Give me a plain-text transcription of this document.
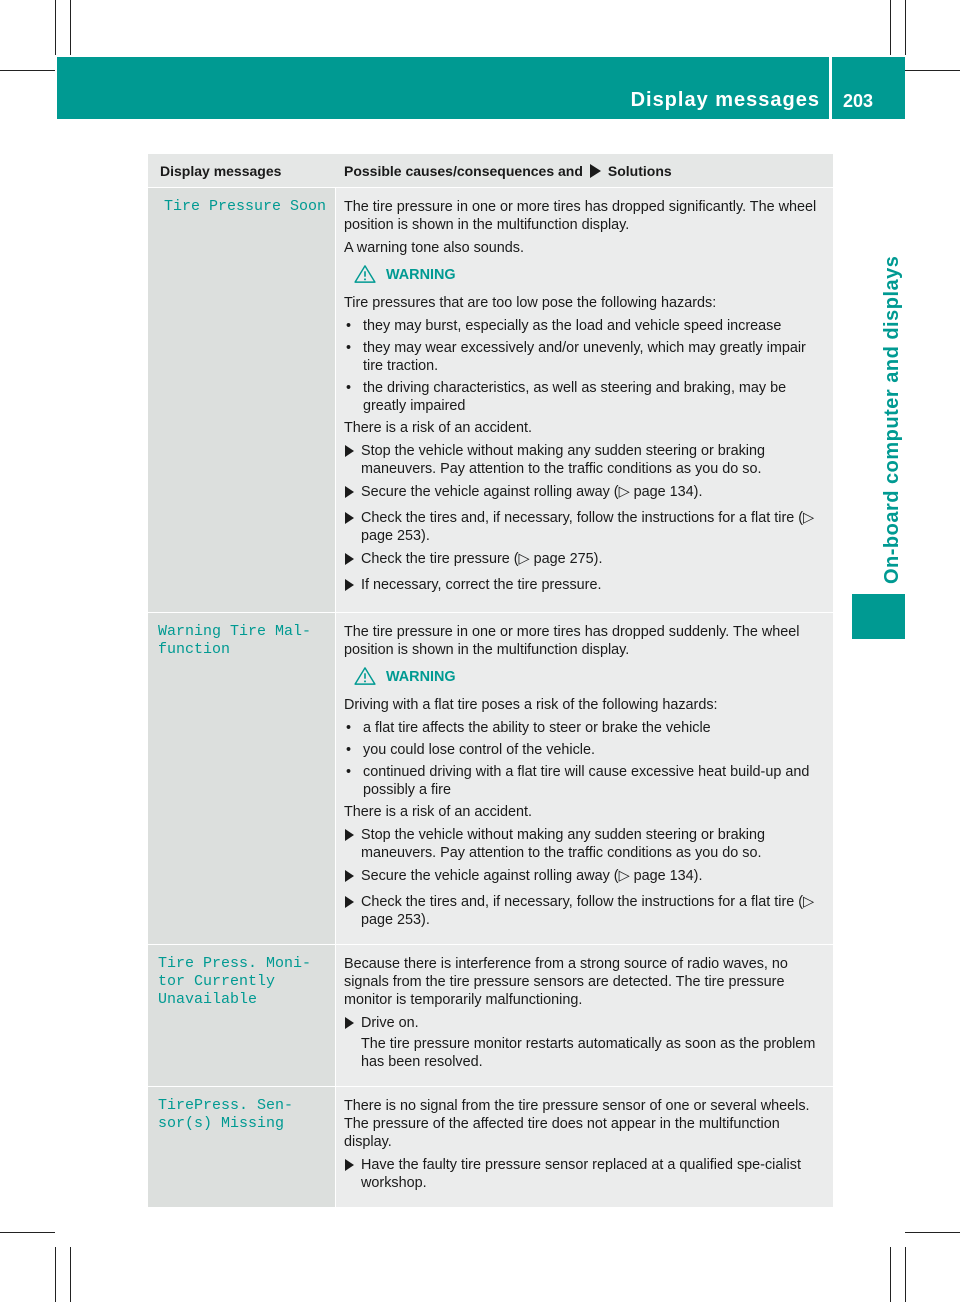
Display messages 203
On-board computer and displays
Display messages	Possible causes/consequences and Solutions
Tire Pressure Soon The tire pressure in one or more tires has dropped significantly. The wheel position is shown in the multifunction display.

A warning tone also sounds.

WARNING

Tire pressures that are too low pose the following hazards:

• they may burst, especially as the load and vehicle speed increase
• they may wear excessively and/or unevenly, which may greatly impair tire traction.
• the driving characteristics, as well as steering and braking, may be greatly impaired

There is a risk of an accident.

Stop the vehicle without making any sudden steering or braking maneuvers. Pay attention to the traffic conditions as you do so.
Secure the vehicle against rolling away (▷ page 134).
Check the tires and, if necessary, follow the instructions for a flat tire (▷ page 253).
Check the tire pressure (▷ page 275).
If necessary, correct the tire pressure.
Warning Tire Mal‐
function

The tire pressure in one or more tires has dropped suddenly. The wheel position is shown in the multifunction display.

WARNING

Driving with a flat tire poses a risk of the following hazards:

• a flat tire affects the ability to steer or brake the vehicle
• you could lose control of the vehicle.
• continued driving with a flat tire will cause excessive heat build-up and possibly a fire

There is a risk of an accident.

Stop the vehicle without making any sudden steering or braking maneuvers. Pay attention to the traffic conditions as you do so.
Secure the vehicle against rolling away (▷ page 134).
Check the tires and, if necessary, follow the instructions for a flat tire (▷ page 253).
Tire Press. Moni‐
tor Currently
Unavailable

Because there is interference from a strong source of radio waves, no signals from the tire pressure sensors are detected. The tire pressure monitor is temporarily malfunctioning.

Drive on.
The tire pressure monitor restarts automatically as soon as the problem has been resolved.
TirePress. Sen‐
sor(s) Missing

There is no signal from the tire pressure sensor of one or several wheels. The pressure of the affected tire does not appear in the multifunction display.

Have the faulty tire pressure sensor replaced at a qualified spe‐cialist workshop.
